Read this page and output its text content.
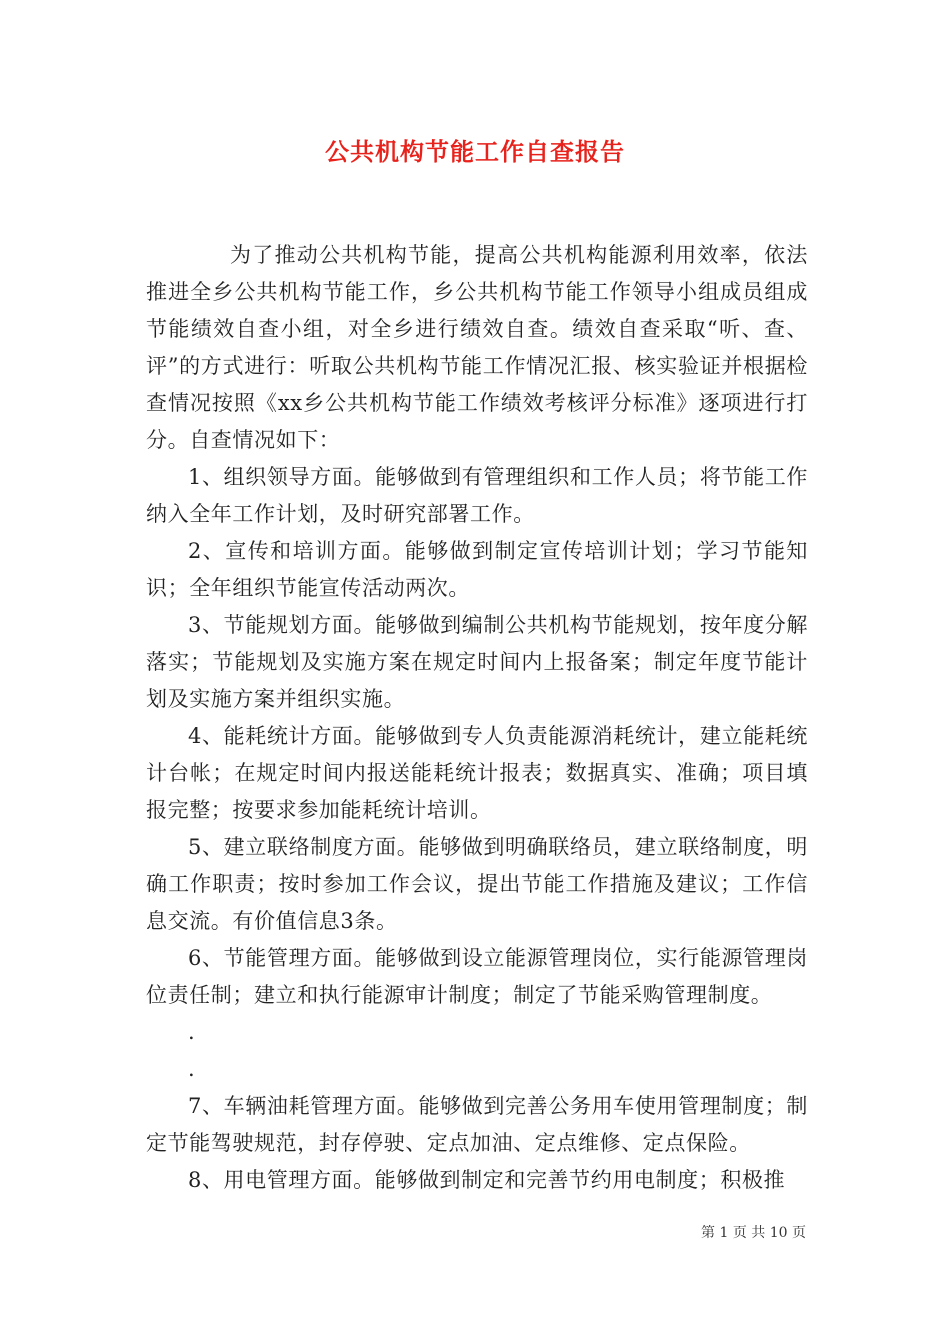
公共机构节能工作自查报告

为了推动公共机构节能，提高公共机构能源利用效率，依法推进全乡公共机构节能工作，乡公共机构节能工作领导小组成员组成节能绩效自查小组，对全乡进行绩效自查。绩效自查采取“听、查、评”的方式进行：听取公共机构节能工作情况汇报、核实验证并根据检查情况按照《xx乡公共机构节能工作绩效考核评分标准》逐项进行打分。自查情况如下：

1、组织领导方面。能够做到有管理组织和工作人员；将节能工作纳入全年工作计划，及时研究部署工作。

2、宣传和培训方面。能够做到制定宣传培训计划；学习节能知识；全年组织节能宣传活动两次。

3、节能规划方面。能够做到编制公共机构节能规划，按年度分解落实；节能规划及实施方案在规定时间内上报备案；制定年度节能计划及实施方案并组织实施。

4、能耗统计方面。能够做到专人负责能源消耗统计，建立能耗统计台帐；在规定时间内报送能耗统计报表；数据真实、准确；项目填报完整；按要求参加能耗统计培训。

5、建立联络制度方面。能够做到明确联络员，建立联络制度，明确工作职责；按时参加工作会议，提出节能工作措施及建议；工作信息交流。有价值信息3条。

6、节能管理方面。能够做到设立能源管理岗位，实行能源管理岗位责任制；建立和执行能源审计制度；制定了节能采购管理制度。

.

.

7、车辆油耗管理方面。能够做到完善公务用车使用管理制度；制定节能驾驶规范，封存停驶、定点加油、定点维修、定点保险。

8、用电管理方面。能够做到制定和完善节约用电制度；积极推

第 1 页 共 10 页
